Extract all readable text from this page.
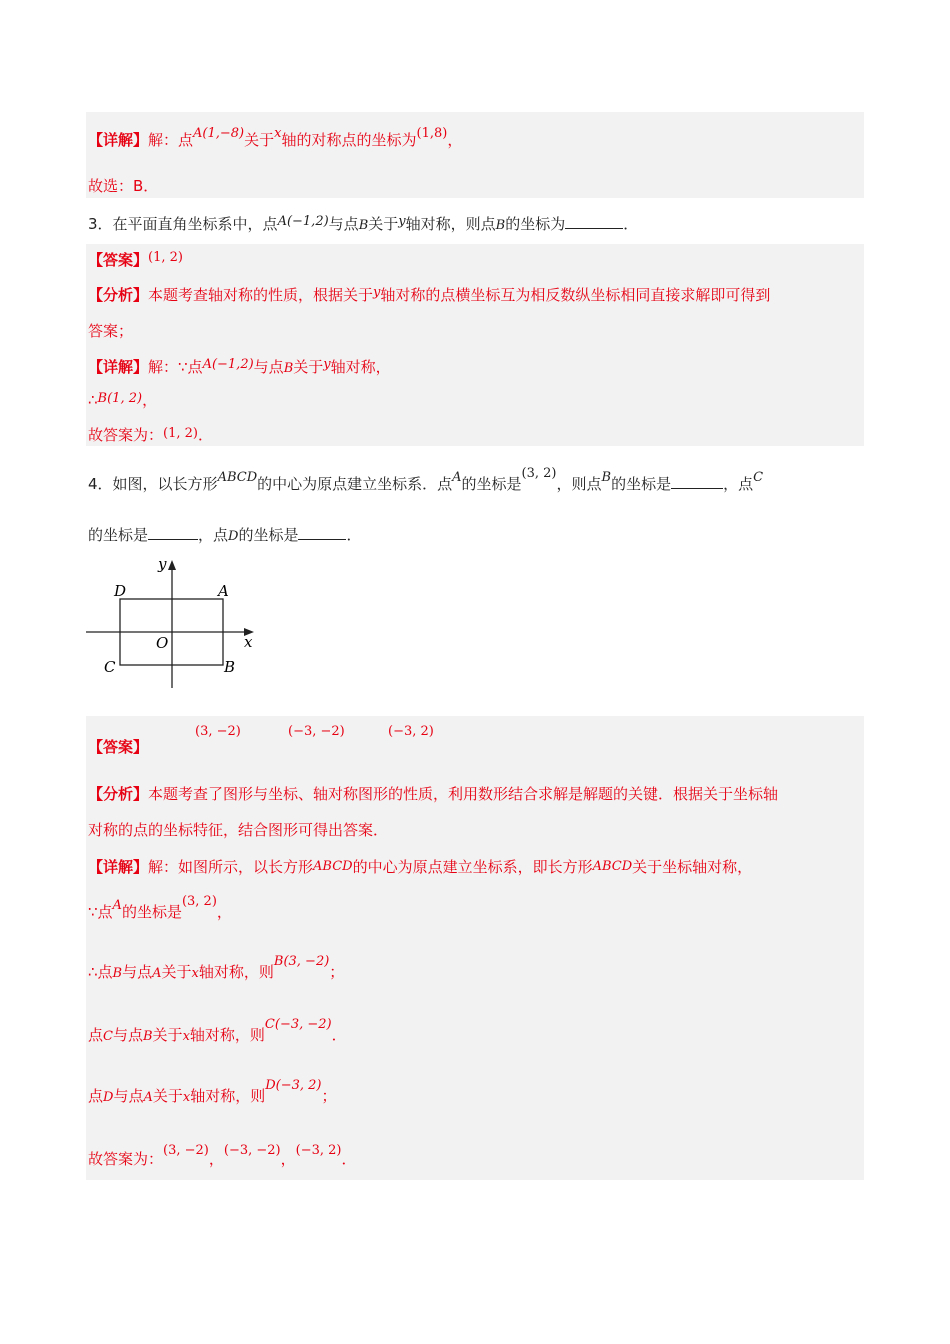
【详解】解：点A(1,−8)关于x轴的对称点的坐标为(1,8)，
故选：B．
3．在平面直角坐标系中，点A(−1,2)与点B关于y轴对称，则点B的坐标为	．
【答案】(1, 2)
【分析】本题考查轴对称的性质，根据关于y轴对称的点横坐标互为相反数纵坐标相同直接求解即可得到
答案；
【详解】解：∵点A(−1,2)与点B关于y轴对称，
∴B(1, 2)，
故答案为：(1, 2)．
4．如图，以长方形ABCD的中心为原点建立坐标系．点A的坐标是(3, 2)，则点B的坐标是	，点C
的坐标是	，点D的坐标是	．
y
x
O
A
B
C
D
【答案】
(3, −2)	(−3, −2)	(−3, 2)
【分析】本题考查了图形与坐标、轴对称图形的性质，利用数形结合求解是解题的关键．根据关于坐标轴
对称的点的坐标特征，结合图形可得出答案．
【详解】解：如图所示，以长方形ABCD的中心为原点建立坐标系，即长方形ABCD关于坐标轴对称，
∵点A的坐标是(3, 2)，
∴点B与点A关于x轴对称，则B(3, −2)；
点C与点B关于x轴对称，则C(−3, −2)．
点D与点A关于x轴对称，则D(−3, 2)；
故答案为：(3, −2)，(−3, −2)，(−3, 2)．
